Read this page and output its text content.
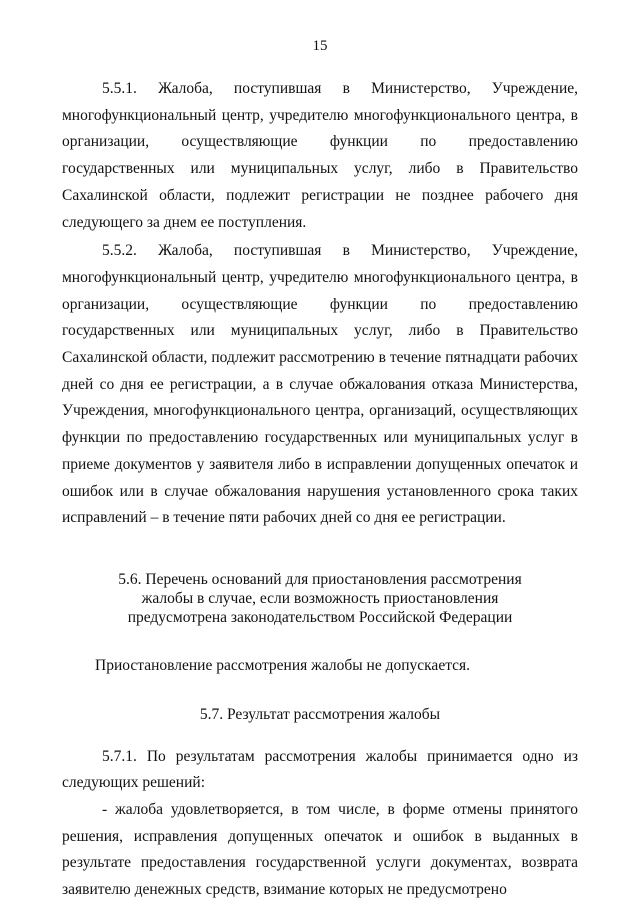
15

5.5.1. Жалоба, поступившая в Министерство, Учреждение, многофункциональный центр, учредителю многофункционального центра, в организации, осуществляющие функции по предоставлению государственных или муниципальных услуг, либо в Правительство Сахалинской области, подлежит регистрации не позднее рабочего дня следующего за днем ее поступления.

5.5.2. Жалоба, поступившая в Министерство, Учреждение, многофункциональный центр, учредителю многофункционального центра, в организации, осуществляющие функции по предоставлению государственных или муниципальных услуг, либо в Правительство Сахалинской области, подлежит рассмотрению в течение пятнадцати рабочих дней со дня ее регистрации, а в случае обжалования отказа Министерства, Учреждения, многофункционального центра, организаций, осуществляющих функции по предоставлению государственных или муниципальных услуг в приеме документов у заявителя либо в исправлении допущенных опечаток и ошибок или в случае обжалования нарушения установленного срока таких исправлений – в течение пяти рабочих дней со дня ее регистрации.

5.6. Перечень оснований для приостановления рассмотрения
жалобы в случае, если возможность приостановления
предусмотрена законодательством Российской Федерации

Приостановление рассмотрения жалобы не допускается.

5.7. Результат рассмотрения жалобы

5.7.1. По результатам рассмотрения жалобы принимается одно из следующих решений:

- жалоба удовлетворяется, в том числе, в форме отмены принятого решения, исправления допущенных опечаток и ошибок в выданных в результате предоставления государственной услуги документах, возврата заявителю денежных средств, взимание которых не предусмотрено
